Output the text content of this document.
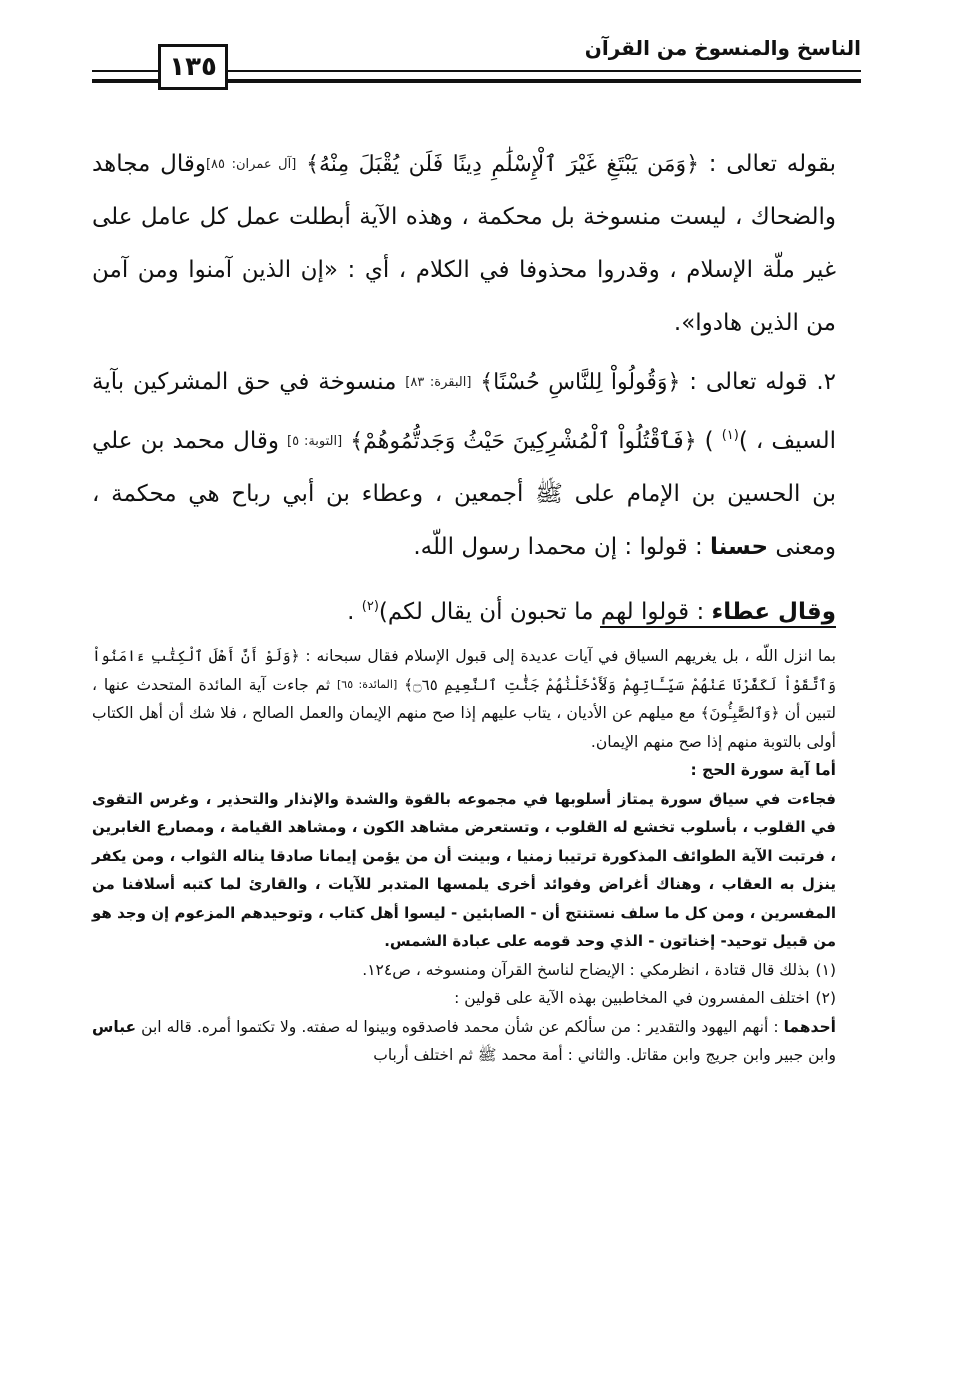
الناسخ والمنسوخ من القرآن
١٣٥

بقوله تعالى : ﴿وَمَن يَبْتَغِ غَيْرَ ٱلْإِسْلَٰمِ دِينًا فَلَن يُقْبَلَ مِنْهُ﴾ [آل عمران: ٨٥]وقال مجاهد والضحاك ، ليست منسوخة بل محكمة ، وهذه الآية أبطلت عمل كل عامل على غير ملّة الإسلام ، وقدروا محذوفا في الكلام ، أي : «إن الذين آمنوا ومن آمن من الذين هادوا».

٢. قوله تعالى : ﴿وَقُولُواْ لِلنَّاسِ حُسْنًا﴾ [البقرة: ٨٣] منسوخة في حق المشركين بآية السيف ، )$^{(١)}$ ) ﴿فَٱقْتُلُواْ ٱلْمُشْرِكِينَ حَيْثُ وَجَدتُّمُوهُمْ﴾ [التوبة: ٥] وقال محمد بن علي بن الحسين بن الإمام على ﷺ أجمعين ، وعطاء بن أبي رباح هي محكمة ، ومعنى حسنا : قولوا : إن محمدا رسول اللّه.

وقال عطاء : قولوا لهم ما تحبون أن يقال لكم)$^{(٢)}$ .

بما انزل اللّه ، بل يغريهم السياق في آيات عديدة إلى قبول الإسلام فقال سبحانه : ﴿وَلَوْ أَنَّ أَهْلَ ٱلْكِتَٰبِ ءَامَنُواْ وَٱتَّقَوْاْ لَكَفَّرْنَا عَنْهُمْ سَيِّـَٔاتِهِمْ وَلَأَدْخَلْنَٰهُمْ جَنَّٰتِ ٱلنَّعِيمِ ۝٦٥﴾ [المائدة: ٦٥] ثم جاءت آية المائدة المتحدث عنها ، لتبين أن ﴿وَٱلصَّٰبِـُٔونَ﴾ مع ميلهم عن الأديان ، يتاب عليهم إذا صح منهم الإيمان والعمل الصالح ، فلا شك أن أهل الكتاب أولى بالتوبة منهم إذا صح منهم الإيمان.

أما آية سورة الحج :

فجاءت في سياق سورة يمتاز أسلوبها في مجموعه بالقوة والشدة والإنذار والتحذير ، وغرس التقوى في القلوب ، بأسلوب تخشع له القلوب ، وتستعرض مشاهد الكون ، ومشاهد القيامة ، ومصارع الغابرين ، فرتبت الآية الطوائف المذكورة ترتيبا زمنيا ، وبينت أن من يؤمن إيمانا صادقا يناله الثواب ، ومن يكفر ينزل به العقاب ، وهناك أغراض وفوائد أخرى يلمسها المتدبر للآيات ، والقارئ لما كتبه أسلافنا من المفسرين ، ومن كل ما سلف نستنتج أن - الصابئين - ليسوا أهل كتاب ، وتوحيدهم المزعوم إن وجد هو من قبيل توحيد- إخناتون - الذي وحد قومه على عبادة الشمس.

(١)
بذلك قال قتادة ، انظرمكي : الإيضاح لناسخ القرآن ومنسوخه ، ص١٢٤.

(٢)
اختلف المفسرون في المخاطبين بهذه الآية على قولين :

أحدهما : أنهم اليهود والتقدير : من سألكم عن شأن محمد فاصدقوه وبينوا له صفته. ولا تكتموا أمره. قاله ابن عباس وابن جبير وابن جريج وابن مقاتل. والثاني : أمة محمد ﷺ ثم اختلف أرباب
